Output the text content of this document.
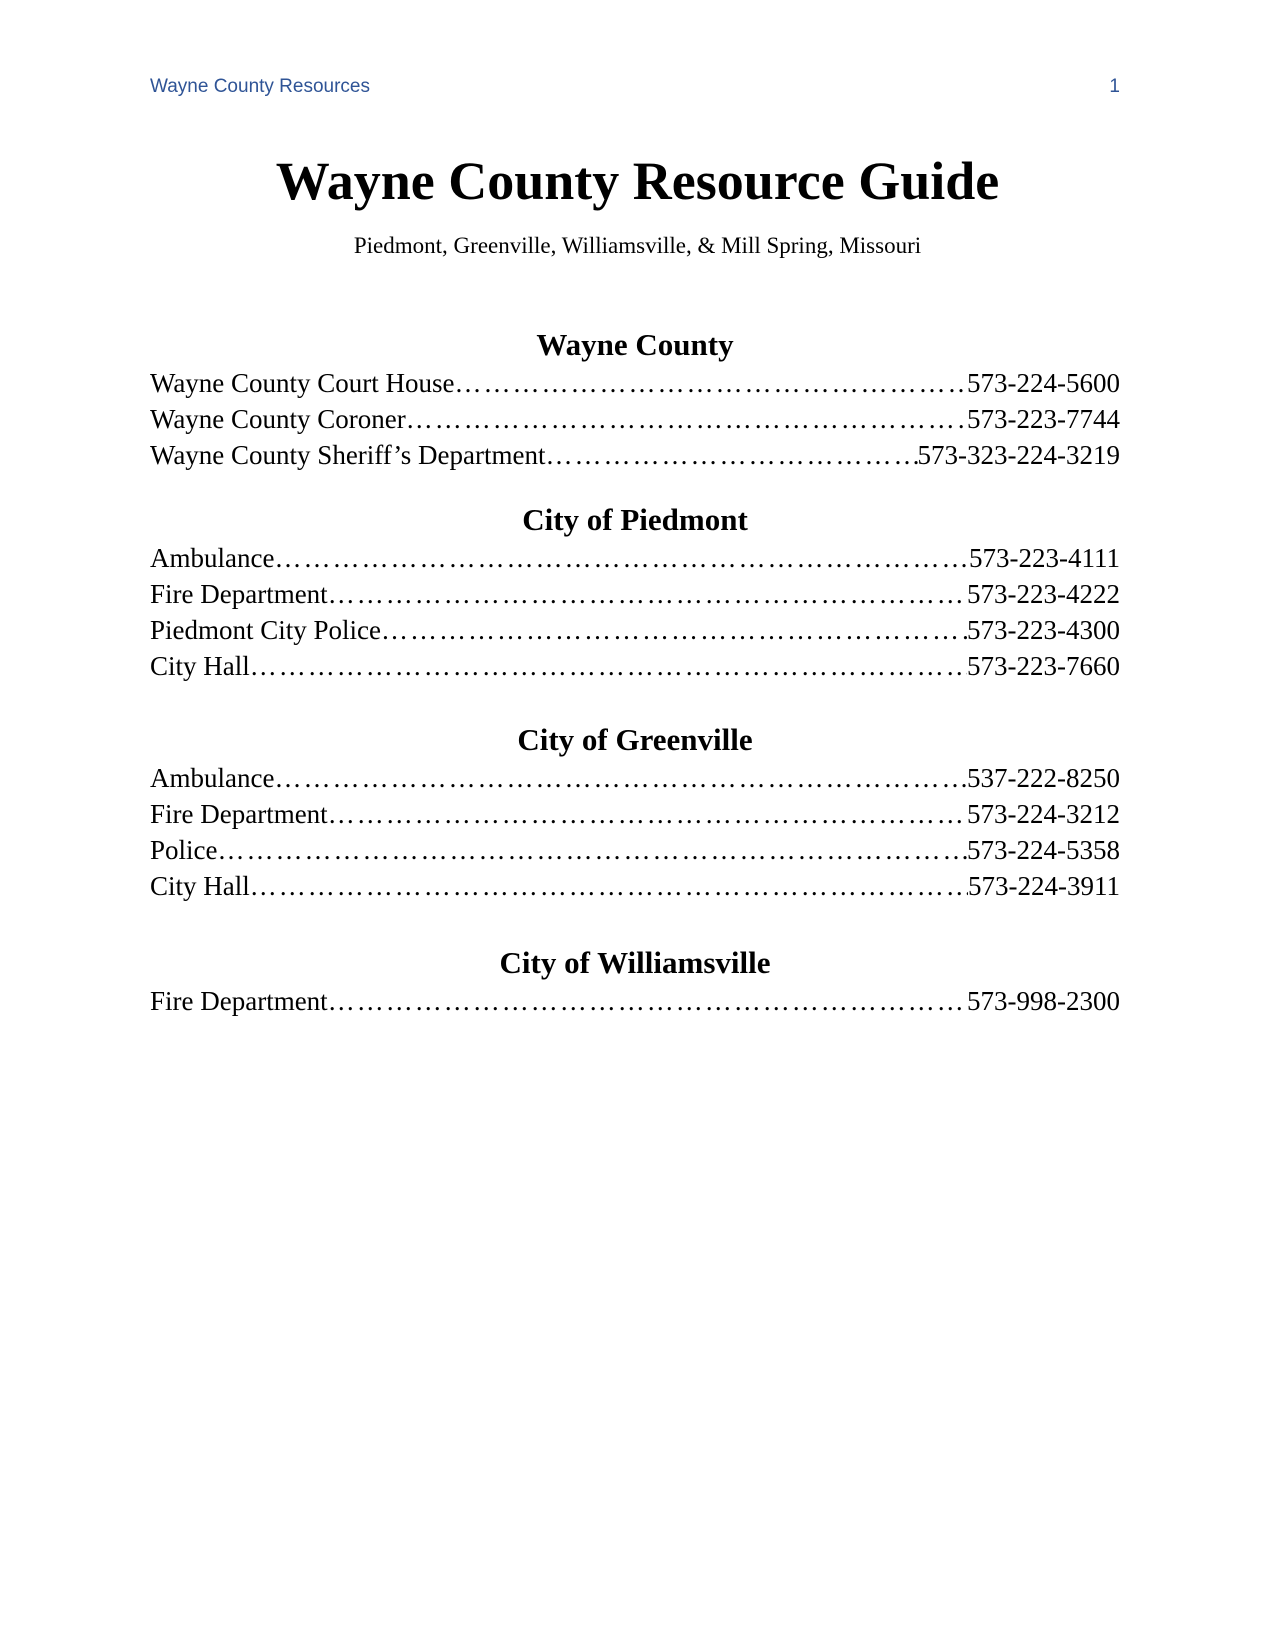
Wayne County Resources	1
Wayne County Resource Guide
Piedmont, Greenville, Williamsville, & Mill Spring, Missouri
Wayne County
Wayne County Court House ……………………………………………………………………………………………………………………………………………	573-224-5600
Wayne County Coroner ……………………………………………………………………………………………………………………………………………	573-223-7744
Wayne County Sheriff’s Department ……………………………………………………………………………………………………………………………………………	573-323-224-3219
City of Piedmont
Ambulance ……………………………………………………………………………………………………………………………………………	573-223-4111
Fire Department ……………………………………………………………………………………………………………………………………………	573-223-4222
Piedmont City Police ……………………………………………………………………………………………………………………………………………	573-223-4300
City Hall ……………………………………………………………………………………………………………………………………………	573-223-7660
City of Greenville
Ambulance ……………………………………………………………………………………………………………………………………………	537-222-8250
Fire Department ……………………………………………………………………………………………………………………………………………	573-224-3212
Police ……………………………………………………………………………………………………………………………………………	573-224-5358
City Hall ……………………………………………………………………………………………………………………………………………	573-224-3911
City of Williamsville
Fire Department ……………………………………………………………………………………………………………………………………………	573-998-2300
